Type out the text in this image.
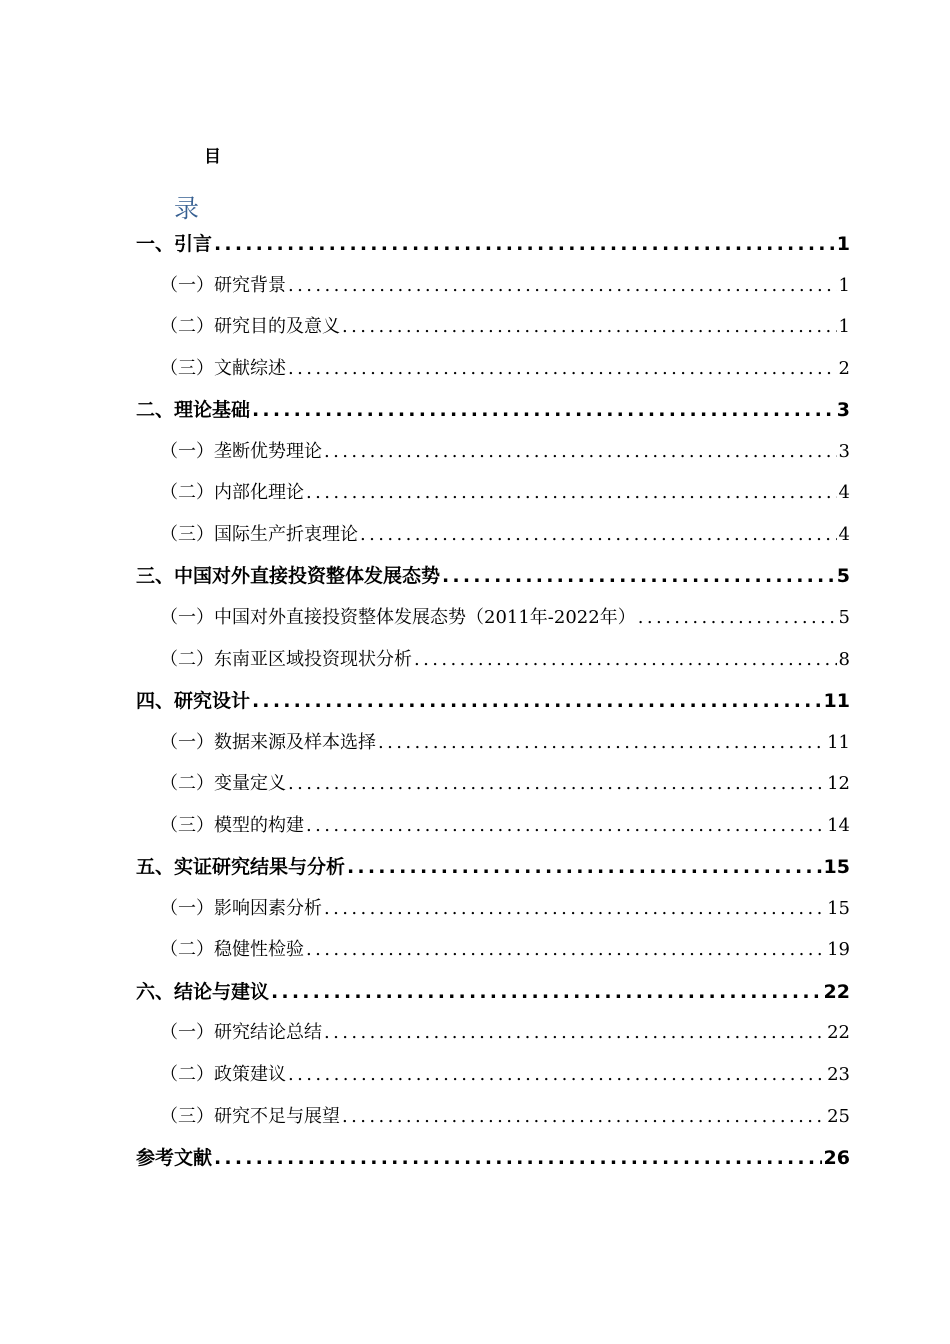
目
录
一、引言 .....	1
（一）研究背景 .....	1
（二）研究目的及意义 .....	1
（三）文献综述 .....	2
二、理论基础 .....	3
（一）垄断优势理论 .....	3
（二）内部化理论 .....	4
（三）国际生产折衷理论 .....	4
三、中国对外直接投资整体发展态势 .....	5
（一）中国对外直接投资整体发展态势（2011年-2022年） .....	5
（二）东南亚区域投资现状分析 .....	8
四、研究设计 .....	11
（一）数据来源及样本选择 .....	11
（二）变量定义 .....	12
（三）模型的构建 .....	14
五、实证研究结果与分析 .....	15
（一）影响因素分析 .....	15
（二）稳健性检验 .....	19
六、结论与建议 .....	22
（一）研究结论总结 .....	22
（二）政策建议 .....	23
（三）研究不足与展望 .....	25
参考文献 .....	26
